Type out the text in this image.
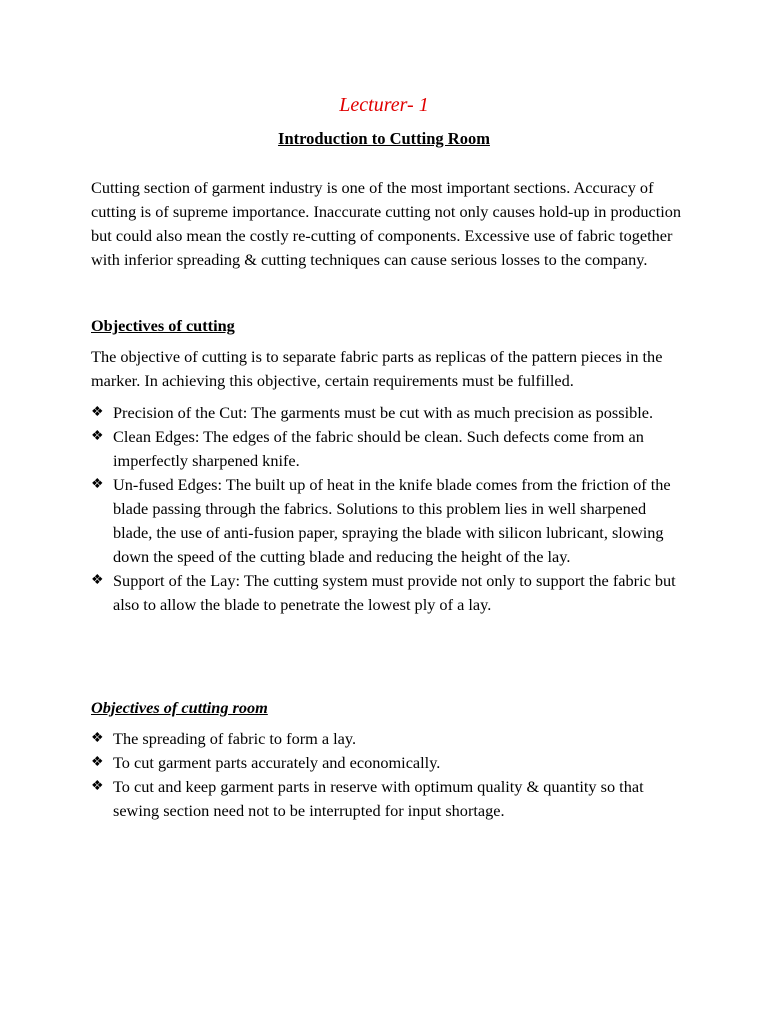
Lecturer- 1
Introduction to Cutting Room

Cutting section of garment industry is one of the most important sections. Accuracy of cutting is of supreme importance. Inaccurate cutting not only causes hold-up in production but could also mean the costly re-cutting of components. Excessive use of fabric together with inferior spreading & cutting techniques can cause serious losses to the company.

Objectives of cutting

The objective of cutting is to separate fabric parts as replicas of the pattern pieces in the marker. In achieving this objective, certain requirements must be fulfilled.

❖ Precision of the Cut: The garments must be cut with as much precision as possible.
❖ Clean Edges: The edges of the fabric should be clean. Such defects come from an imperfectly sharpened knife.
❖ Un-fused Edges: The built up of heat in the knife blade comes from the friction of the blade passing through the fabrics. Solutions to this problem lies in well sharpened blade, the use of anti-fusion paper, spraying the blade with silicon lubricant, slowing down the speed of the cutting blade and reducing the height of the lay.
❖ Support of the Lay: The cutting system must provide not only to support the fabric but also to allow the blade to penetrate the lowest ply of a lay.
Objectives of cutting room
❖ The spreading of fabric to form a lay.
❖ To cut garment parts accurately and economically.
❖ To cut and keep garment parts in reserve with optimum quality & quantity so that sewing section need not to be interrupted for input shortage.
